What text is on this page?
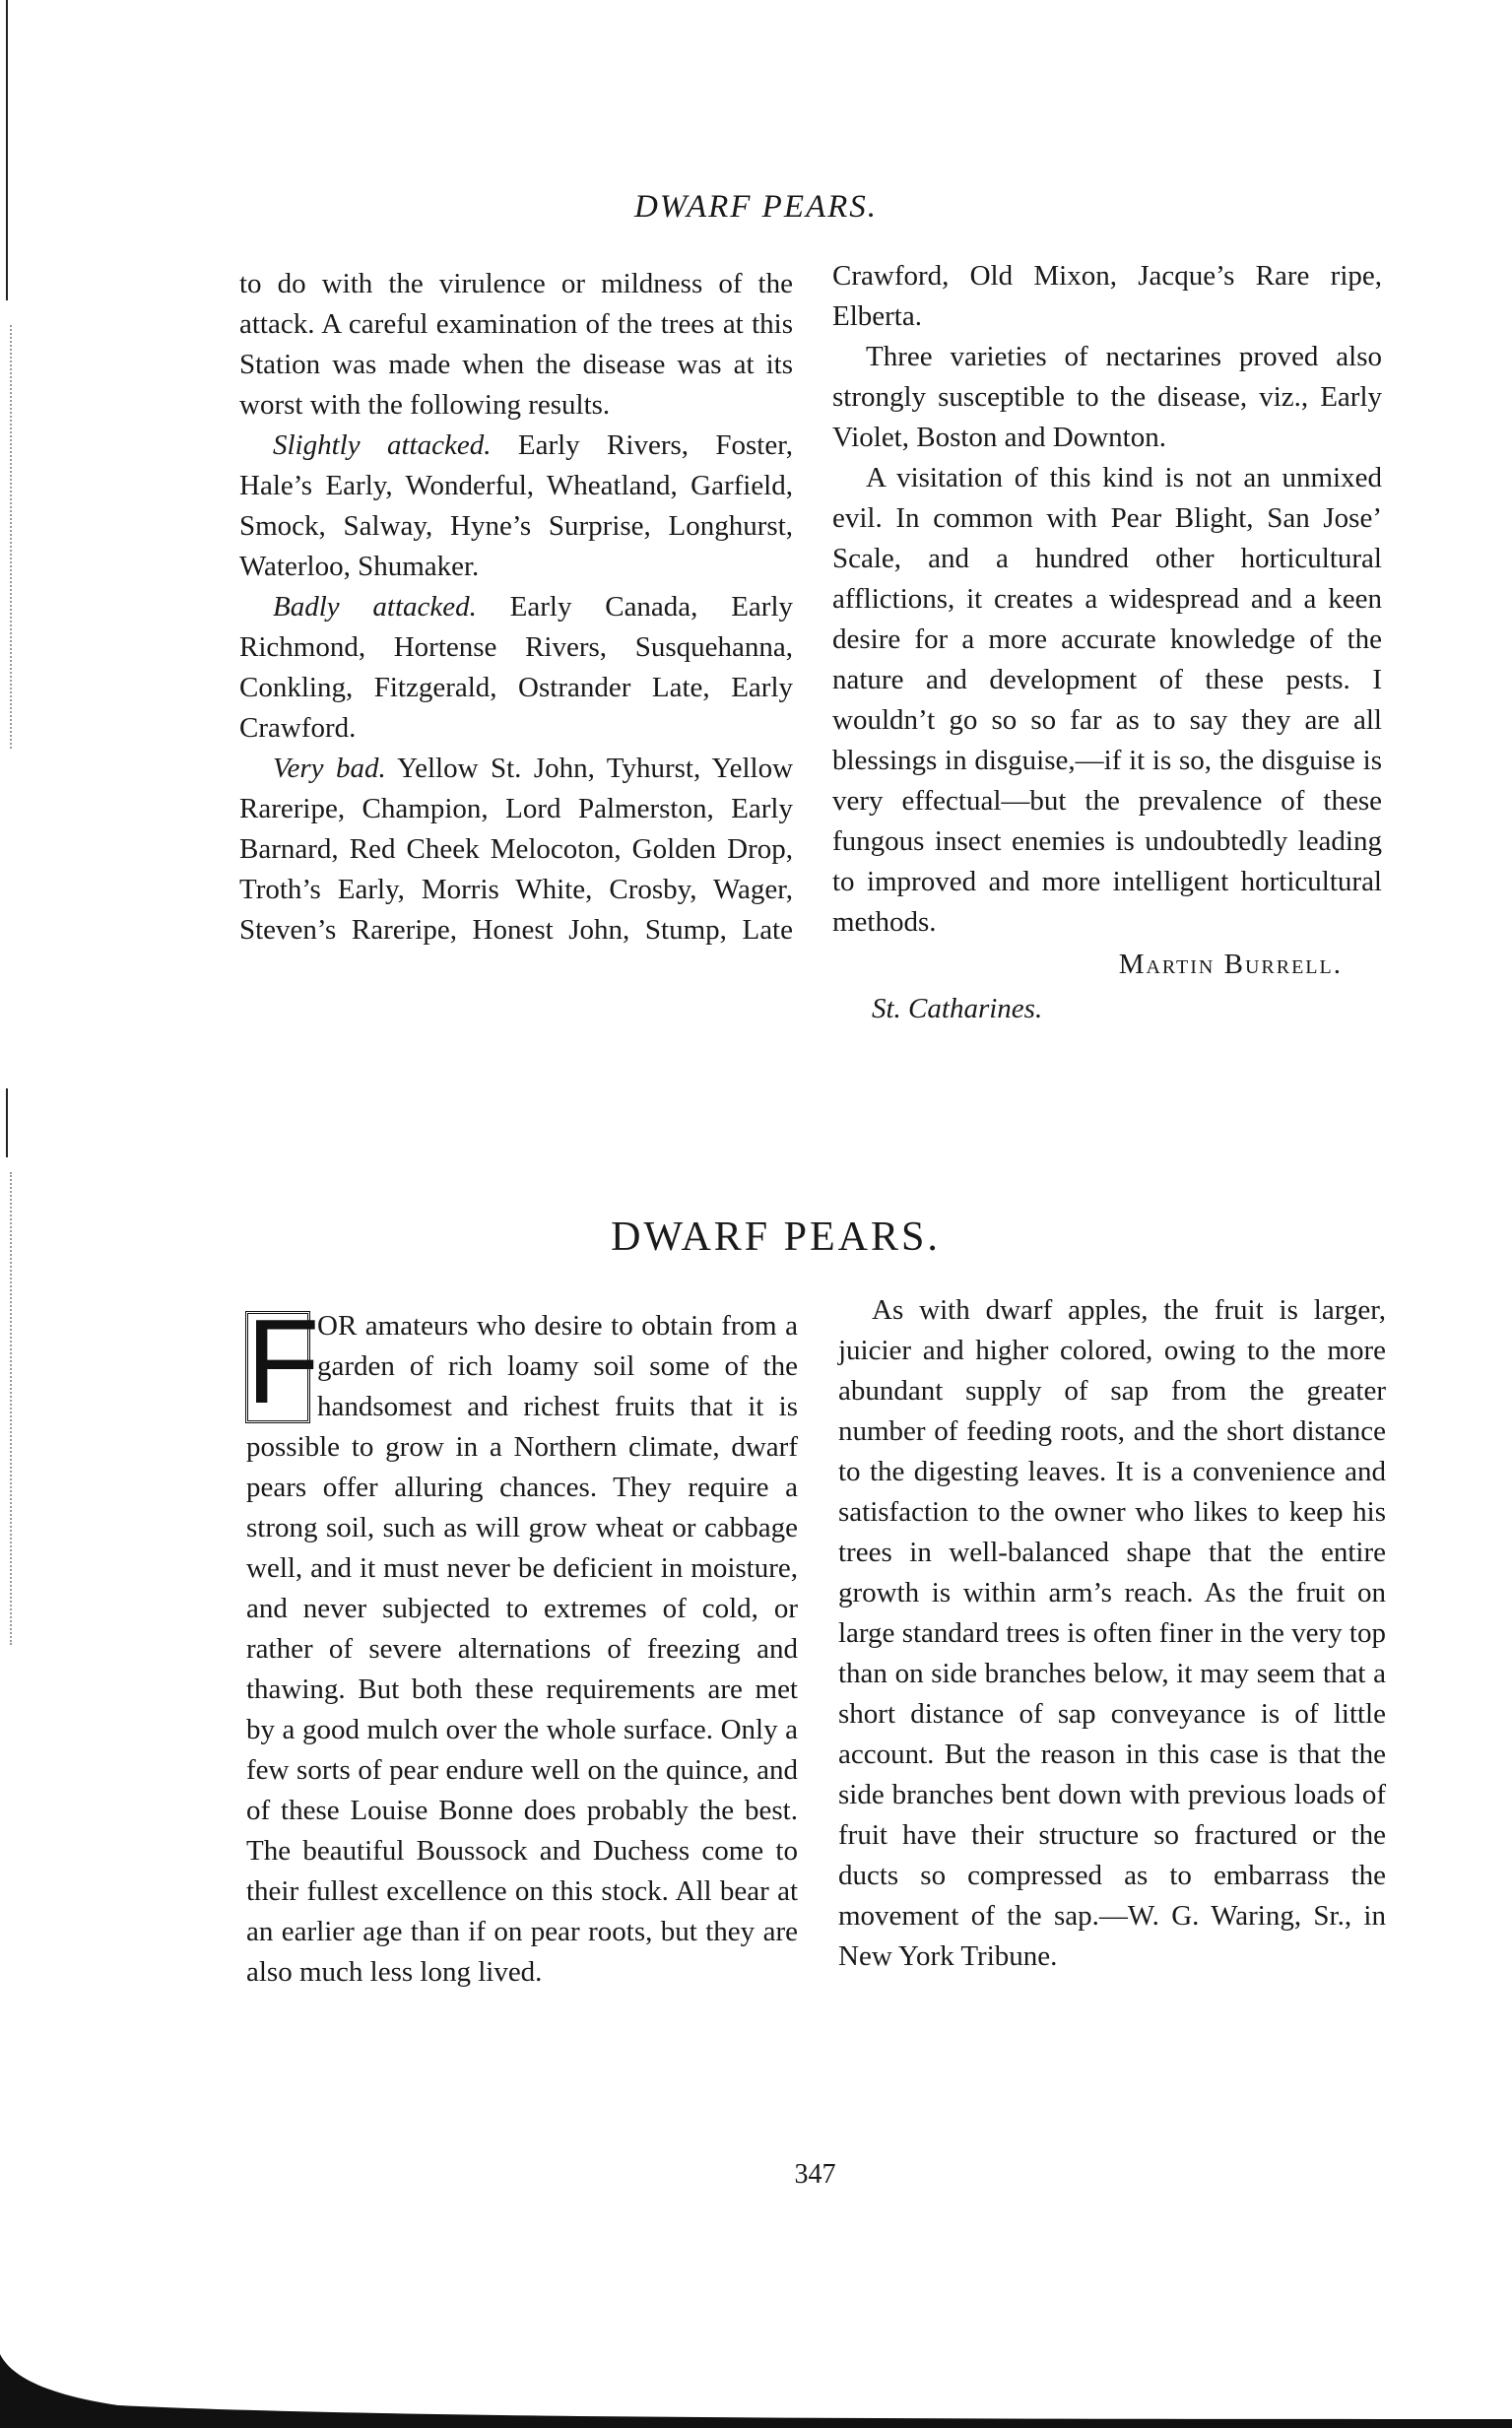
DWARF PEARS.

to do with the virulence or mildness of the attack. A careful examination of the trees at this Station was made when the disease was at its worst with the following results.

Slightly attacked. Early Rivers, Foster, Hale’s Early, Wonderful, Wheatland, Garfield, Smock, Salway, Hyne’s Surprise, Longhurst, Waterloo, Shumaker.

Badly attacked. Early Canada, Early Richmond, Hortense Rivers, Susquehanna, Conkling, Fitzgerald, Ostrander Late, Early Crawford.

Very bad. Yellow St. John, Tyhurst, Yellow Rareripe, Champion, Lord Palmerston, Early Barnard, Red Cheek Melocoton, Golden Drop, Troth’s Early, Morris White, Crosby, Wager, Steven’s Rareripe, Honest John, Stump, Late

Crawford, Old Mixon, Jacque’s Rare ripe, Elberta.

Three varieties of nectarines proved also strongly susceptible to the disease, viz., Early Violet, Boston and Downton.

A visitation of this kind is not an unmixed evil. In common with Pear Blight, San Jose’ Scale, and a hundred other horticultural afflictions, it creates a widespread and a keen desire for a more accurate knowledge of the nature and development of these pests. I wouldn’t go so so far as to say they are all blessings in disguise,—if it is so, the disguise is very effectual—but the prevalence of these fungous insect enemies is undoubtedly leading to improved and more intelligent horticultural methods.

Martin Burrell.
St. Catharines.
DWARF PEARS.

F
OR amateurs who desire to obtain from a garden of rich loamy soil some of the handsomest and richest fruits that it is possible to grow in a Northern climate, dwarf pears offer alluring chances. They require a strong soil, such as will grow wheat or cabbage well, and it must never be deficient in moisture, and never subjected to extremes of cold, or rather of severe alternations of freezing and thawing. But both these requirements are met by a good mulch over the whole surface. Only a few sorts of pear endure well on the quince, and of these Louise Bonne does probably the best. The beautiful Boussock and Duchess come to their fullest excellence on this stock. All bear at an earlier age than if on pear roots, but they are also much less long lived.

As with dwarf apples, the fruit is larger, juicier and higher colored, owing to the more abundant supply of sap from the greater number of feeding roots, and the short distance to the digesting leaves. It is a convenience and satisfaction to the owner who likes to keep his trees in well-balanced shape that the entire growth is within arm’s reach. As the fruit on large standard trees is often finer in the very top than on side branches below, it may seem that a short distance of sap conveyance is of little account. But the reason in this case is that the side branches bent down with previous loads of fruit have their structure so fractured or the ducts so compressed as to embarrass the movement of the sap.—W. G. Waring, Sr., in New York Tribune.

347
